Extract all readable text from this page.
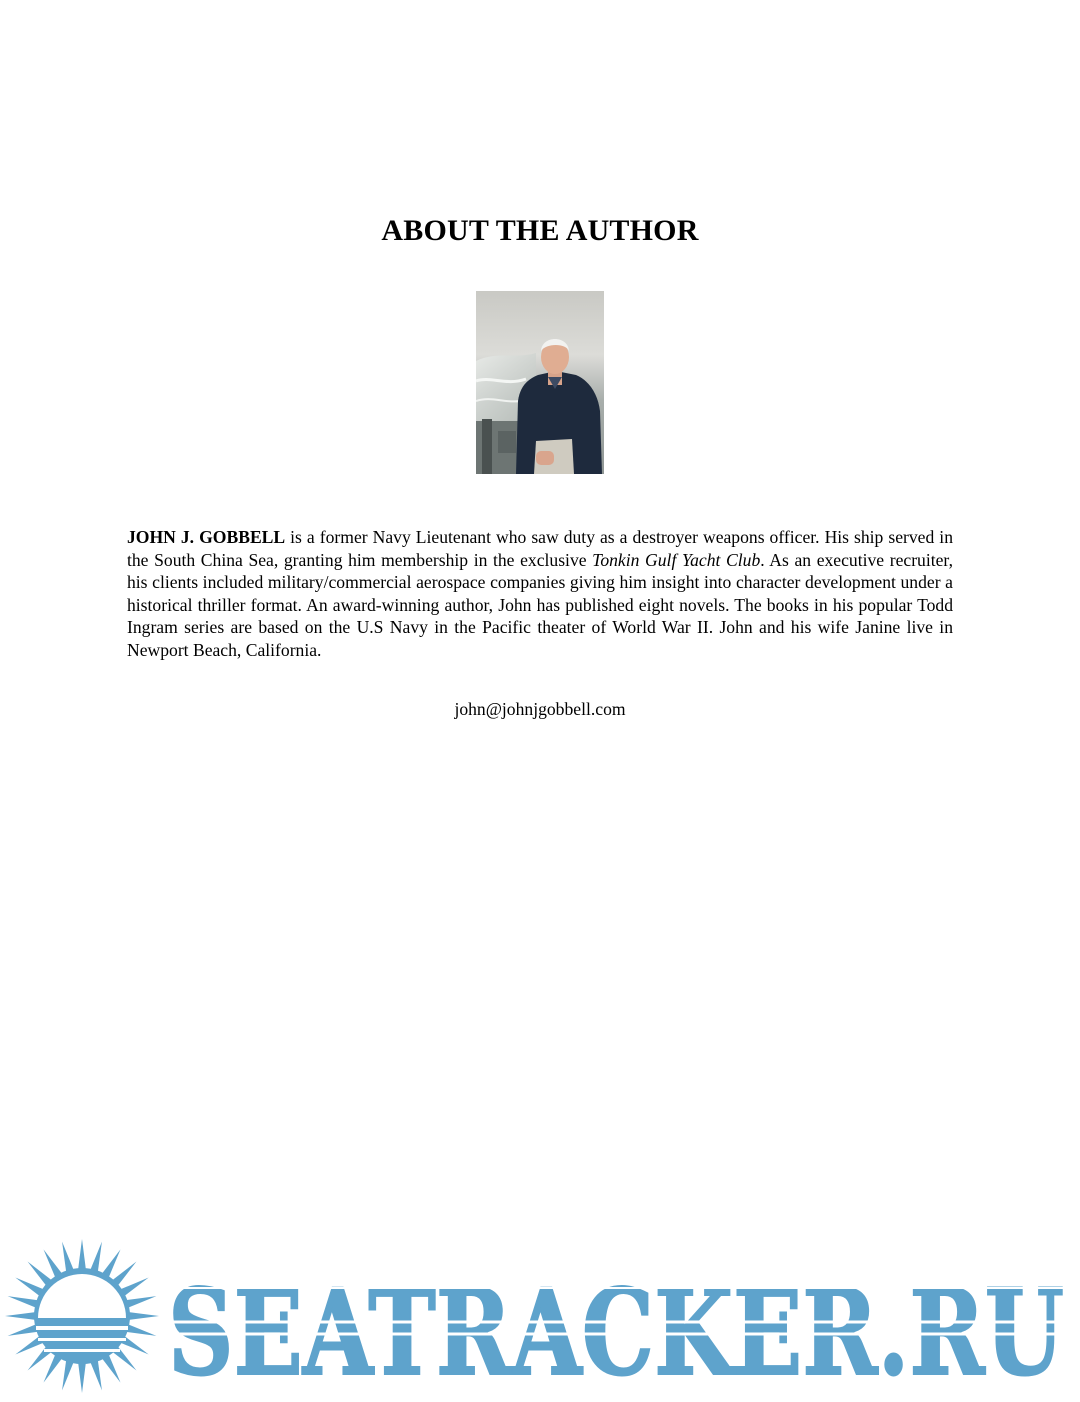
ABOUT THE AUTHOR

JOHN J. GOBBELL is a former Navy Lieutenant who saw duty as a destroyer weapons officer. His ship served in the South China Sea, granting him membership in the exclusive Tonkin Gulf Yacht Club. As an executive recruiter, his clients included military/commercial aerospace companies giving him insight into character development under a historical thriller format. An award-winning author, John has published eight novels. The books in his popular Todd Ingram series are based on the U.S Navy in the Pacific theater of World War II. John and his wife Janine live in Newport Beach, California.

john@johnjgobbell.com
SEATRACKER.RU
